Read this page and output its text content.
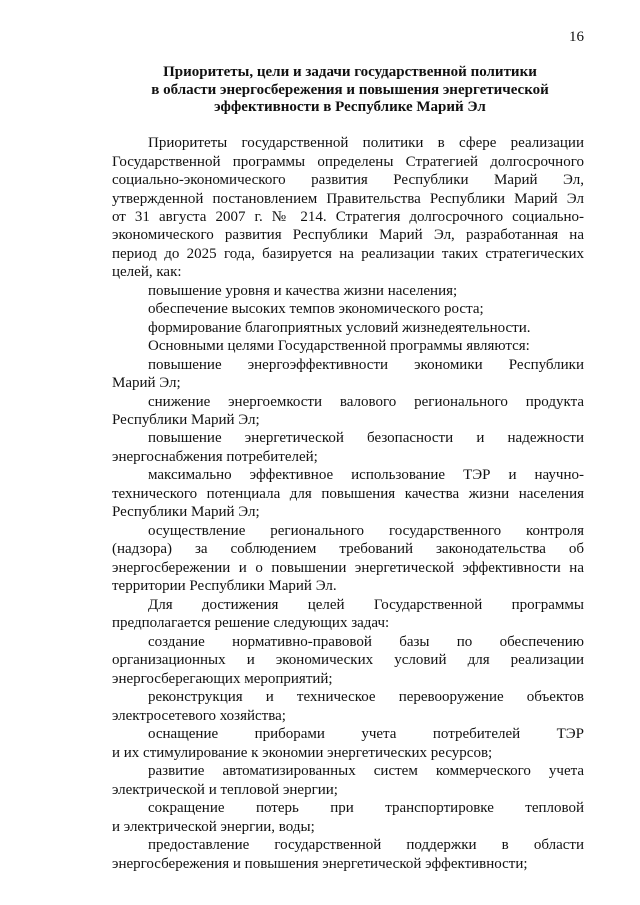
16
Приоритеты, цели и задачи государственной политики
в области энергосбережения и повышения энергетической
эффективности в Республике Марий Эл
Приоритеты государственной политики в сфере реализации
Государственной программы определены Стратегией долгосрочного
социально-экономического развития Республики Марий Эл,
утвержденной постановлением Правительства Республики Марий Эл
от 31 августа 2007 г. № 214. Стратегия долгосрочного социально-
экономического развития Республики Марий Эл, разработанная на
период до 2025 года, базируется на реализации таких стратегических
целей, как:
повышение уровня и качества жизни населения;
обеспечение высоких темпов экономического роста;
формирование благоприятных условий жизнедеятельности.
Основными целями Государственной программы являются:
повышение энергоэффективности экономики Республики
Марий Эл;
снижение энергоемкости валового регионального продукта
Республики Марий Эл;
повышение энергетической безопасности и надежности
энергоснабжения потребителей;
максимально эффективное использование ТЭР и научно-
технического потенциала для повышения качества жизни населения
Республики Марий Эл;
осуществление регионального государственного контроля
(надзора) за соблюдением требований законодательства об
энергосбережении и о повышении энергетической эффективности на
территории Республики Марий Эл.
Для достижения целей Государственной программы
предполагается решение следующих задач:
создание нормативно-правовой базы по обеспечению
организационных и экономических условий для реализации
энергосберегающих мероприятий;
реконструкция и техническое перевооружение объектов
электросетевого хозяйства;
оснащение приборами учета потребителей ТЭР
и их стимулирование к экономии энергетических ресурсов;
развитие автоматизированных систем коммерческого учета
электрической и тепловой энергии;
сокращение потерь при транспортировке тепловой
и электрической энергии, воды;
предоставление государственной поддержки в области
энергосбережения и повышения энергетической эффективности;
